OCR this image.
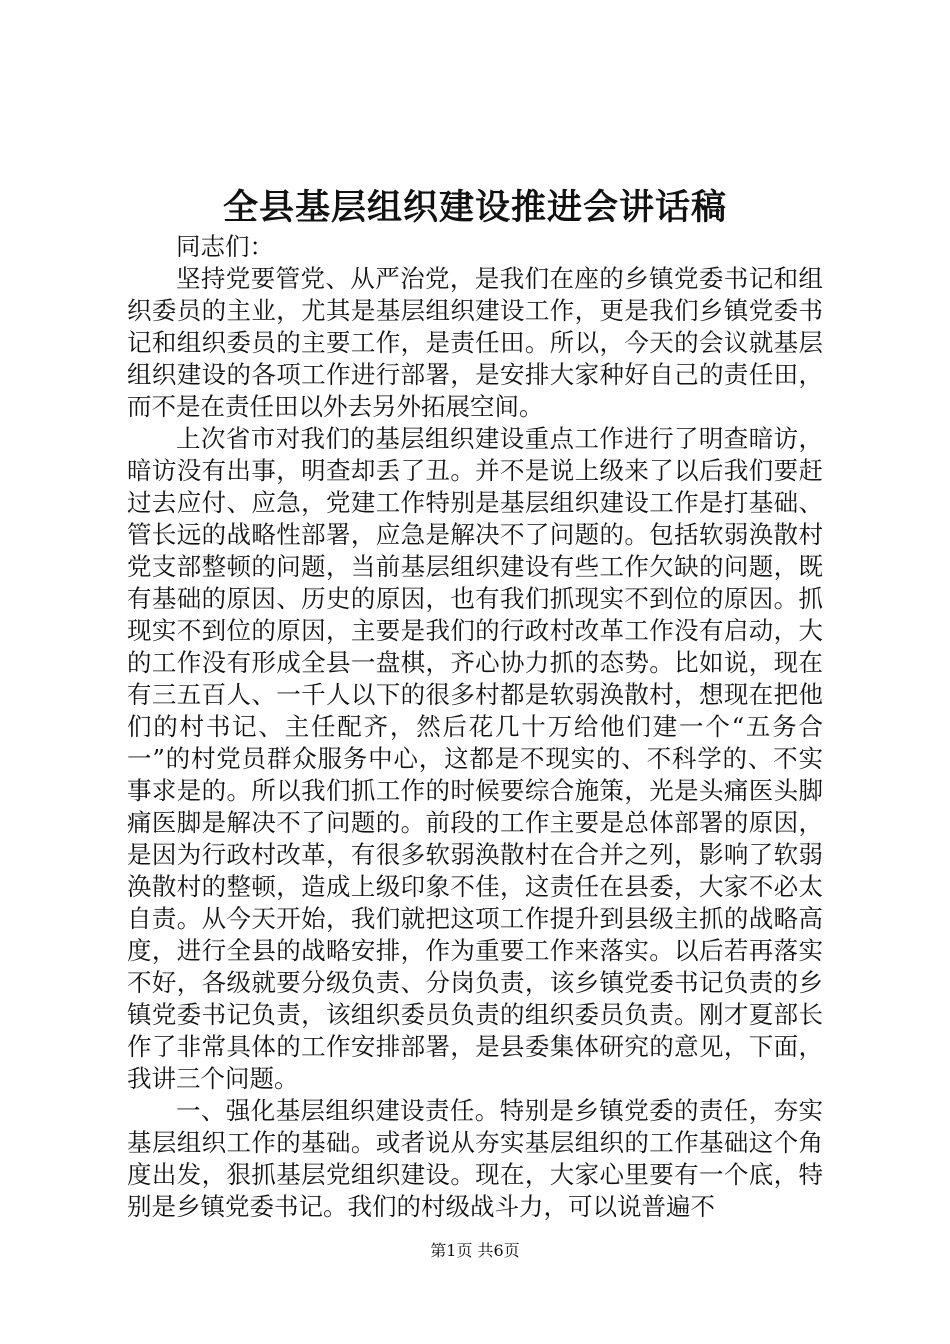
全县基层组织建设推进会讲话稿

同志们：

坚持党要管党、从严治党，是我们在座的乡镇党委书记和组织委员的主业，尤其是基层组织建设工作，更是我们乡镇党委书记和组织委员的主要工作，是责任田。所以，今天的会议就基层组织建设的各项工作进行部署，是安排大家种好自己的责任田，而不是在责任田以外去另外拓展空间。

上次省市对我们的基层组织建设重点工作进行了明查暗访，暗访没有出事，明查却丢了丑。并不是说上级来了以后我们要赶过去应付、应急，党建工作特别是基层组织建设工作是打基础、管长远的战略性部署，应急是解决不了问题的。包括软弱涣散村党支部整顿的问题，当前基层组织建设有些工作欠缺的问题，既有基础的原因、历史的原因，也有我们抓现实不到位的原因。抓现实不到位的原因，主要是我们的行政村改革工作没有启动，大的工作没有形成全县一盘棋，齐心协力抓的态势。比如说，现在有三五百人、一千人以下的很多村都是软弱涣散村，想现在把他们的村书记、主任配齐，然后花几十万给他们建一个“五务合一”的村党员群众服务中心，这都是不现实的、不科学的、不实事求是的。所以我们抓工作的时候要综合施策，光是头痛医头脚痛医脚是解决不了问题的。前段的工作主要是总体部署的原因，是因为行政村改革，有很多软弱涣散村在合并之列，影响了软弱涣散村的整顿，造成上级印象不佳，这责任在县委，大家不必太自责。从今天开始，我们就把这项工作提升到县级主抓的战略高度，进行全县的战略安排，作为重要工作来落实。以后若再落实不好，各级就要分级负责、分岗负责，该乡镇党委书记负责的乡镇党委书记负责，该组织委员负责的组织委员负责。刚才夏部长作了非常具体的工作安排部署，是县委集体研究的意见，下面，我讲三个问题。

一、强化基层组织建设责任。特别是乡镇党委的责任，夯实基层组织工作的基础。或者说从夯实基层组织的工作基础这个角度出发，狠抓基层党组织建设。现在，大家心里要有一个底，特别是乡镇党委书记。我们的村级战斗力，可以说普遍不

第1页 共6页
